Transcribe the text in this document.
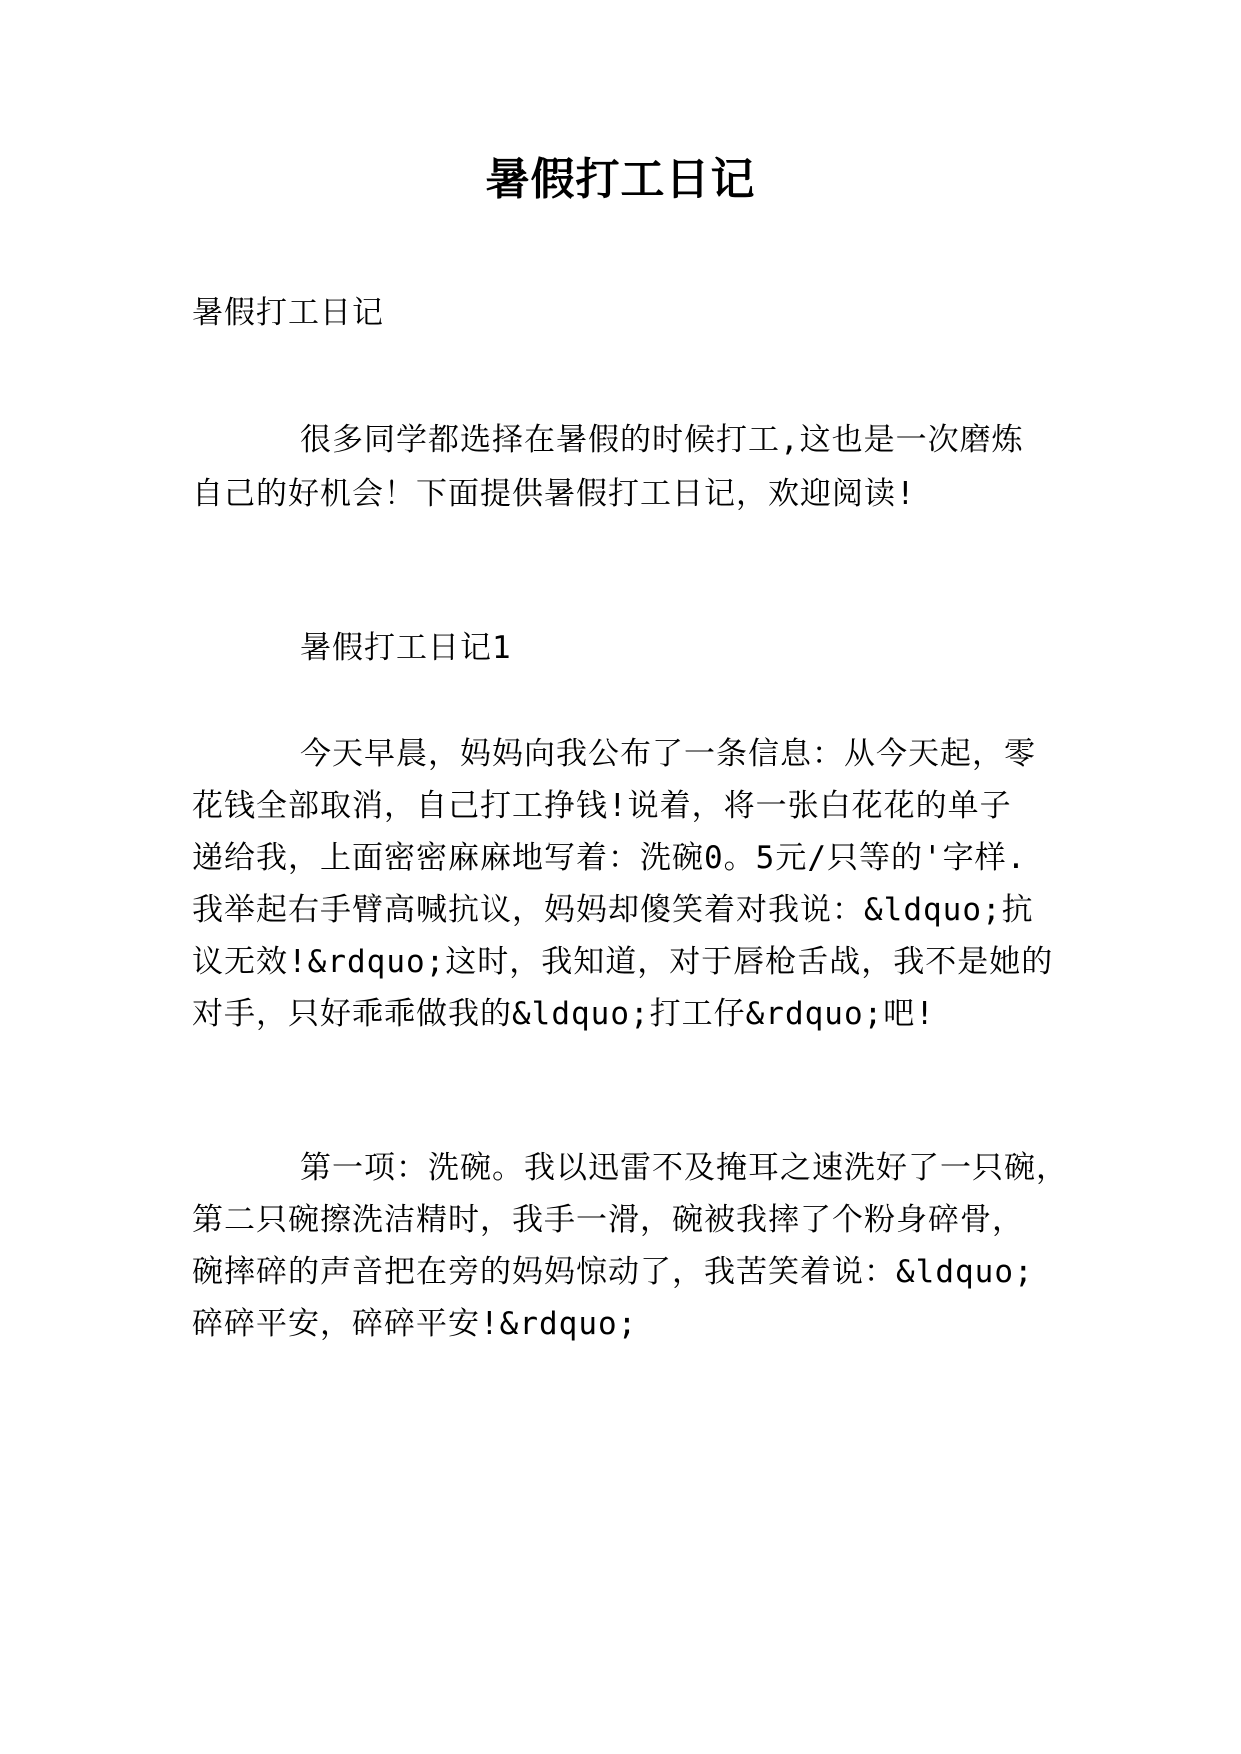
暑假打工日记
暑假打工日记
很多同学都选择在暑假的时候打工,这也是一次磨炼
自己的好机会！下面提供暑假打工日记，欢迎阅读!
暑假打工日记1
今天早晨，妈妈向我公布了一条信息：从今天起，零
花钱全部取消，自己打工挣钱!说着，将一张白花花的单子
递给我，上面密密麻麻地写着：洗碗0。5元/只等的'字样.
我举起右手臂高喊抗议，妈妈却傻笑着对我说：&ldquo;抗
议无效!&rdquo;这时，我知道，对于唇枪舌战，我不是她的
对手，只好乖乖做我的&ldquo;打工仔&rdquo;吧!
第一项：洗碗。我以迅雷不及掩耳之速洗好了一只碗，
第二只碗擦洗洁精时，我手一滑，碗被我摔了个粉身碎骨，
碗摔碎的声音把在旁的妈妈惊动了，我苦笑着说：&ldquo;
碎碎平安，碎碎平安!&rdquo;
